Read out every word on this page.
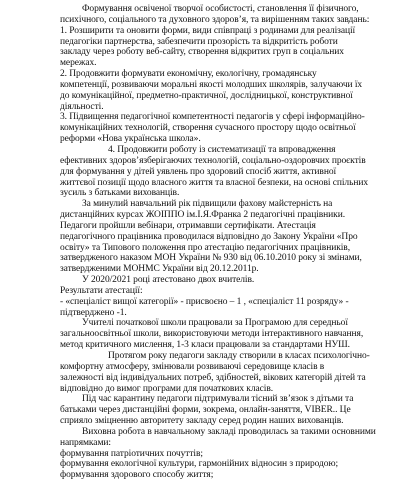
Формування освіченої творчої особистості, становлення її фізичного,
психічного, соціального та духовного здоров’я, та вирішенням таких завдань:
1. Розширити та оновити форми, види співпраці з родинами для реалізації
педагогіки партнерства, забезпечити прозорість та відкритість роботи
закладу через роботу веб-сайту, створення відкритих груп в соціальних
мережах.
2. Продовжити формувати економічну, екологічну, громадянську
компетенції, розвиваючи моральні якості молодших школярів, залучаючи їх
до комунікаційної, предметно-практичної, дослідницької, конструктивної
діяльності.
3. Підвищення педагогічної компетентності педагогів у сфері інформаційно-
комунікаційних технологій, створення сучасного простору щодо освітньої
реформи «Нова українська школа».
4. Продовжити роботу із систематизації та впровадження
ефективних здоров’язберігаючих технологій, соціально-оздоровчих проєктів
для формування у дітей уявлень про здоровий спосіб життя, активної
життєвої позиції щодо власного життя та власної безпеки, на основі спільних
зусиль з батьками вихованців.
За минулий навчальний рік підвищили фахову майстерність на
дистанційних курсах ЖОІППО ім.І.Я.Франка 2 педагогічні працівники.
Педагоги пройшли вебінари, отримавши сертифікати. Атестація
педагогічного працівника проводилася відповідно до Закону України «Про
освіту» та Типового положення про атестацію педагогічних працівників,
затвердженого наказом МОН України № 930 від 06.10.2010 року зі змінами,
затвердженими МОНМС України від 20.12.2011р.
У 2020/2021 році атестовано двох вчителів.
Результати атестації:
- «спеціаліст вищої категорії» - присвоєно – 1 , «спеціаліст 11 розряду» -
підтверджено -1.
Учителі початкової школи працювали за Програмою для середньої
загальноосвітньої школи, використовуючи методи інтерактивного навчання,
метод критичного мислення, 1-3 класи працювали за стандартами НУШ.
Протягом року педагоги закладу створили в класах психологічно-
комфортну атмосферу, змінювали розвиваючі середовище класів в
залежності від індивідуальних потреб, здібностей, вікових категорій дітей та
відповідно до вимог програми для початкових класів.
Під час карантину педагоги підтримували тісний зв’язок з дітьми та
батьками через дистанційні форми, зокрема, онлайн-заняття, VIBER.. Це
сприяло зміцненню авторитету закладу серед родин наших вихованців.
Виховна робота в навчальному закладі проводилась за такими основними
напрямками:
формування патріотичних почуттів;
формування екологічної культури, гармонійних відносин з природою;
формування здорового способу життя;
